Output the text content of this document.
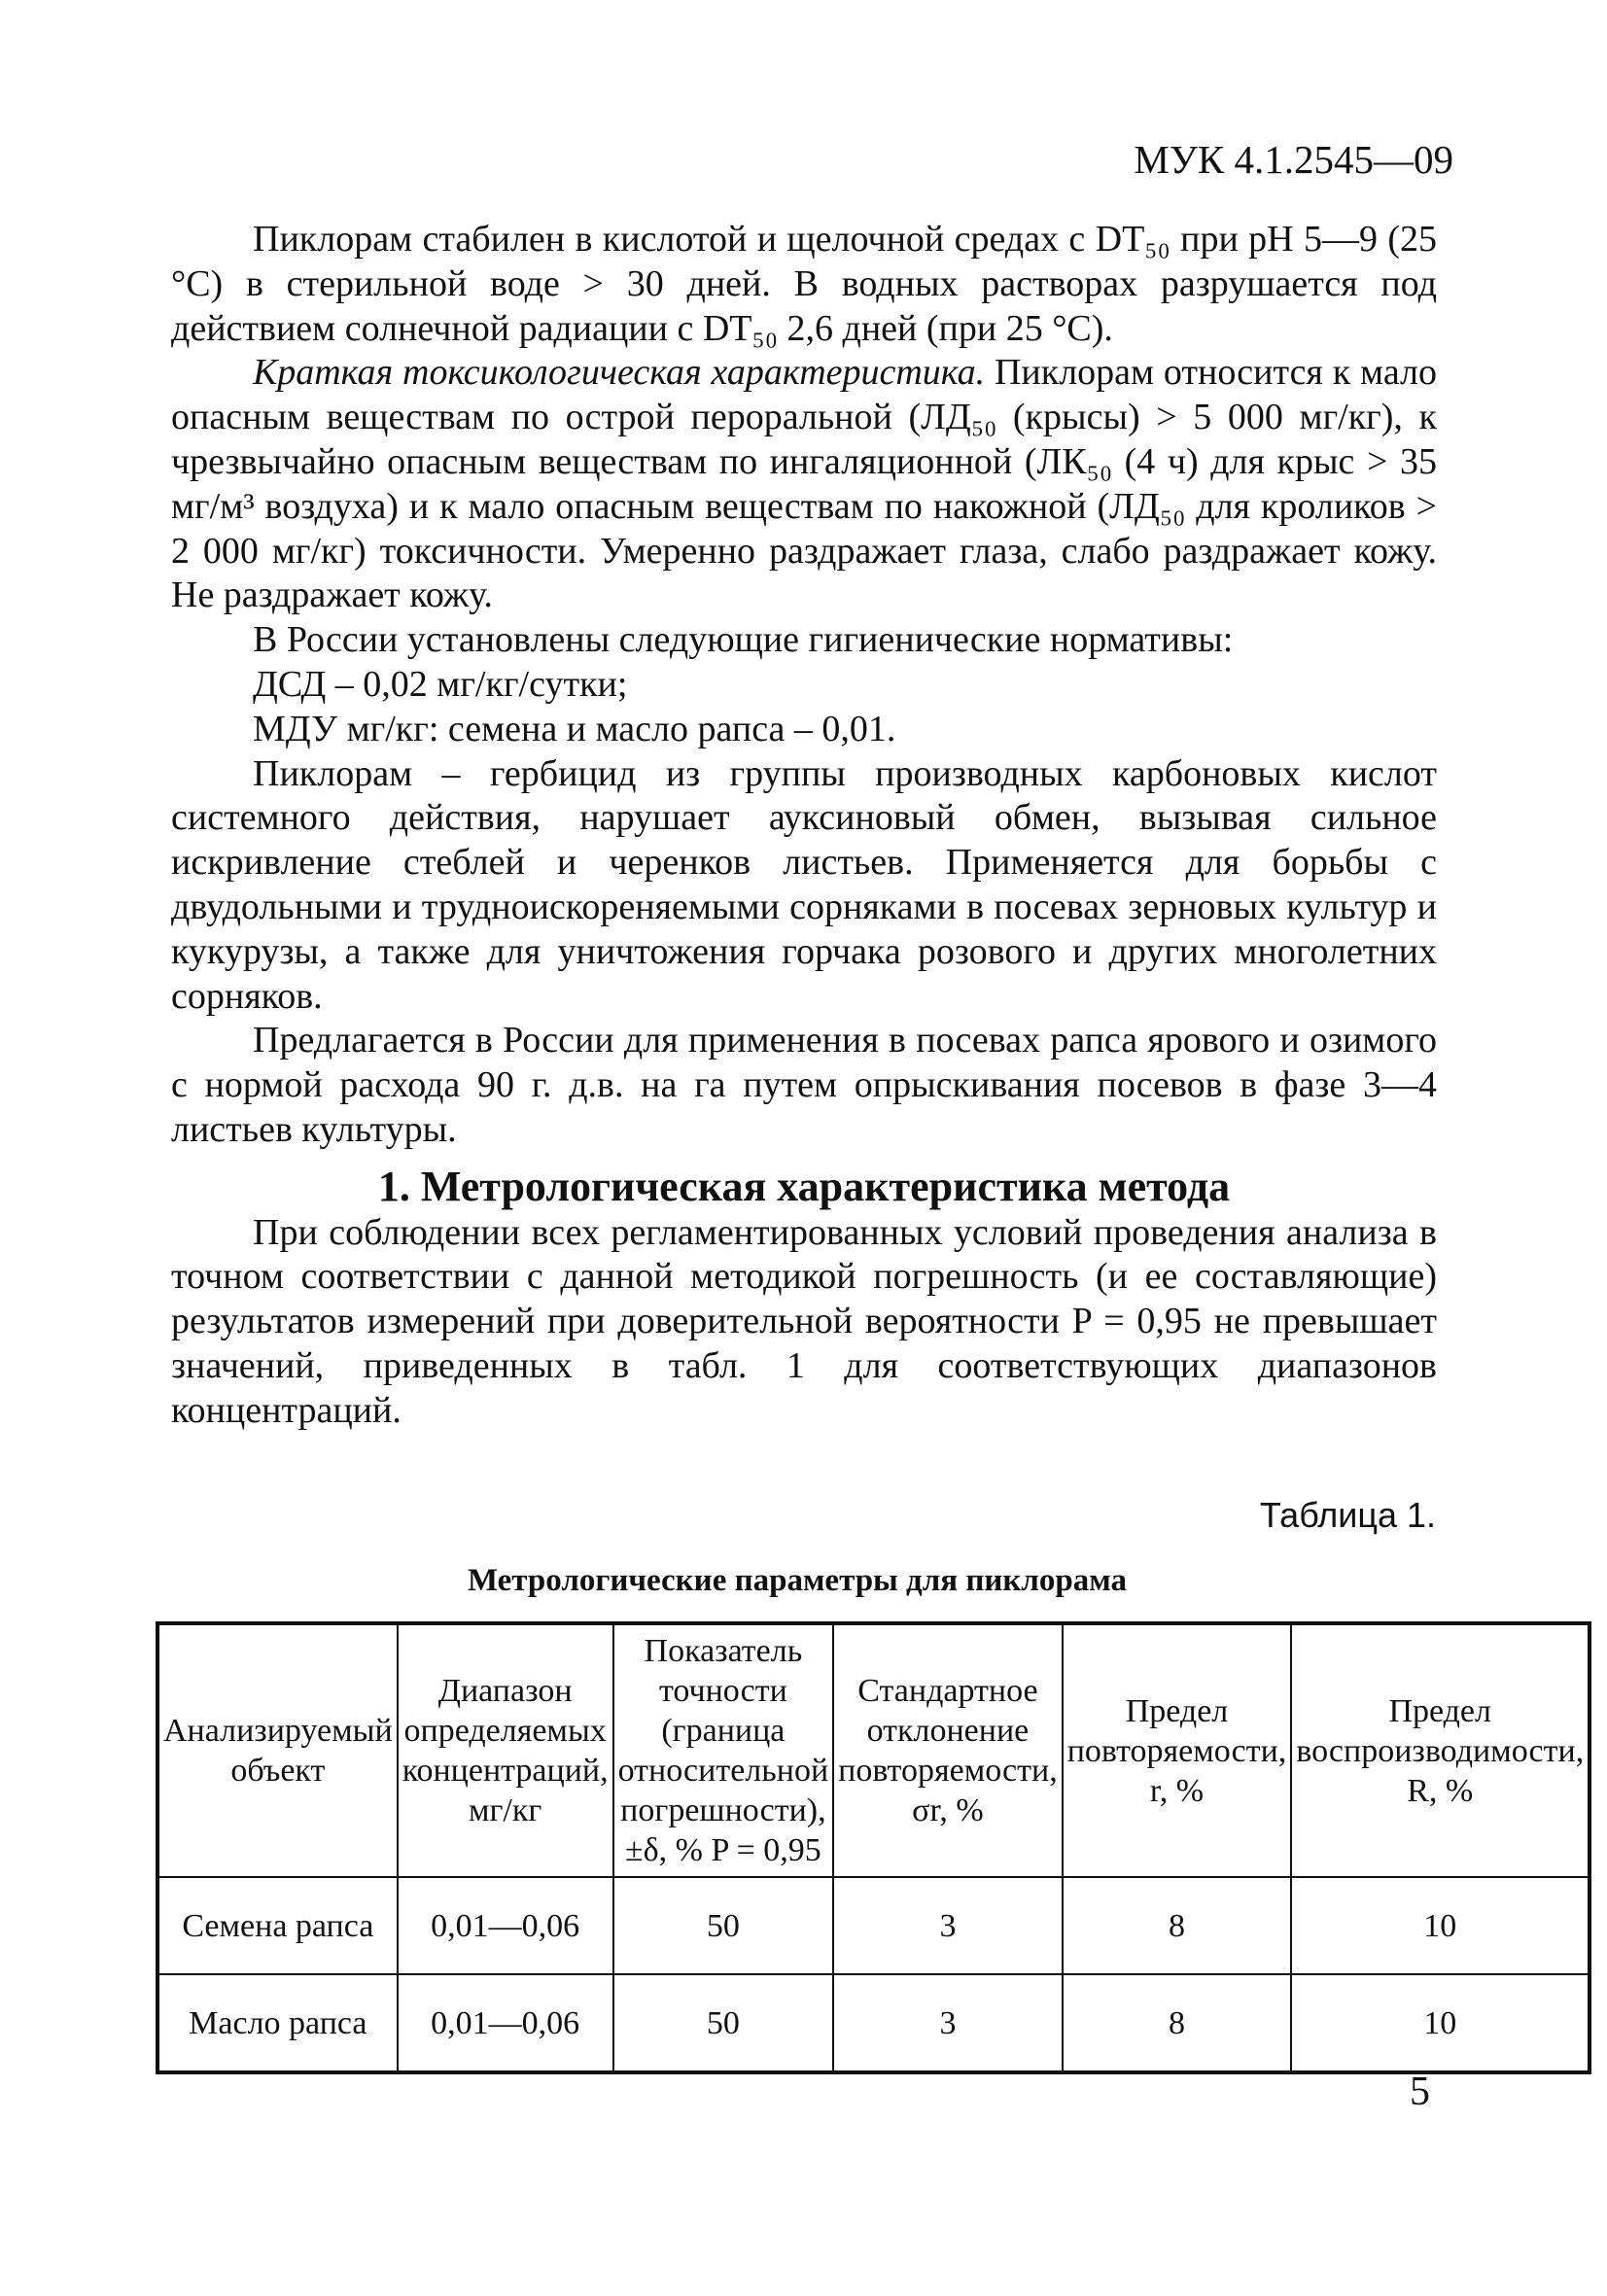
МУК 4.1.2545—09

Пиклорам стабилен в кислотой и щелочной средах с DT₅₀ при pH 5—9 (25 °C) в стерильной воде > 30 дней. В водных растворах разрушается под действием солнечной радиации с DT₅₀ 2,6 дней (при 25 °C).

Краткая токсикологическая характеристика. Пиклорам относится к мало опасным веществам по острой пероральной (ЛД₅₀ (крысы) > 5 000 мг/кг), к чрезвычайно опасным веществам по ингаляционной (ЛК₅₀ (4 ч) для крыс > 35 мг/м³ воздуха) и к мало опасным веществам по накожной (ЛД₅₀ для кроликов > 2 000 мг/кг) токсичности. Умеренно раздражает глаза, слабо раздражает кожу. Не раздражает кожу.

В России установлены следующие гигиенические нормативы:

ДСД – 0,02 мг/кг/сутки;

МДУ мг/кг: семена и масло рапса – 0,01.

Пиклорам – гербицид из группы производных карбоновых кислот системного действия, нарушает ауксиновый обмен, вызывая сильное искривление стеблей и черенков листьев. Применяется для борьбы с двудольными и трудноискореняемыми сорняками в посевах зерновых культур и кукурузы, а также для уничтожения горчака розового и других многолетних сорняков.

Предлагается в России для применения в посевах рапса ярового и озимого с нормой расхода 90 г. д.в. на га путем опрыскивания посевов в фазе 3—4 листьев культуры.

1. Метрологическая характеристика метода

При соблюдении всех регламентированных условий проведения анализа в точном соответствии с данной методикой погрешность (и ее составляющие) результатов измерений при доверительной вероятности P = 0,95 не превышает значений, приведенных в табл. 1 для соответствующих диапазонов концентраций.

Таблица 1.
Метрологические параметры для пиклорама
Анализируемый объект	Диапазон определяемых концентраций, мг/кг	Показатель точности (граница относительной погрешности), ±δ, % P = 0,95	Стандартное отклонение повторяемости, σr, %	Предел повторяемости, r, %	Предел воспроизводимости, R, %
Семена рапса	0,01—0,06	50	3	8	10
Масло рапса	0,01—0,06	50	3	8	10
5
